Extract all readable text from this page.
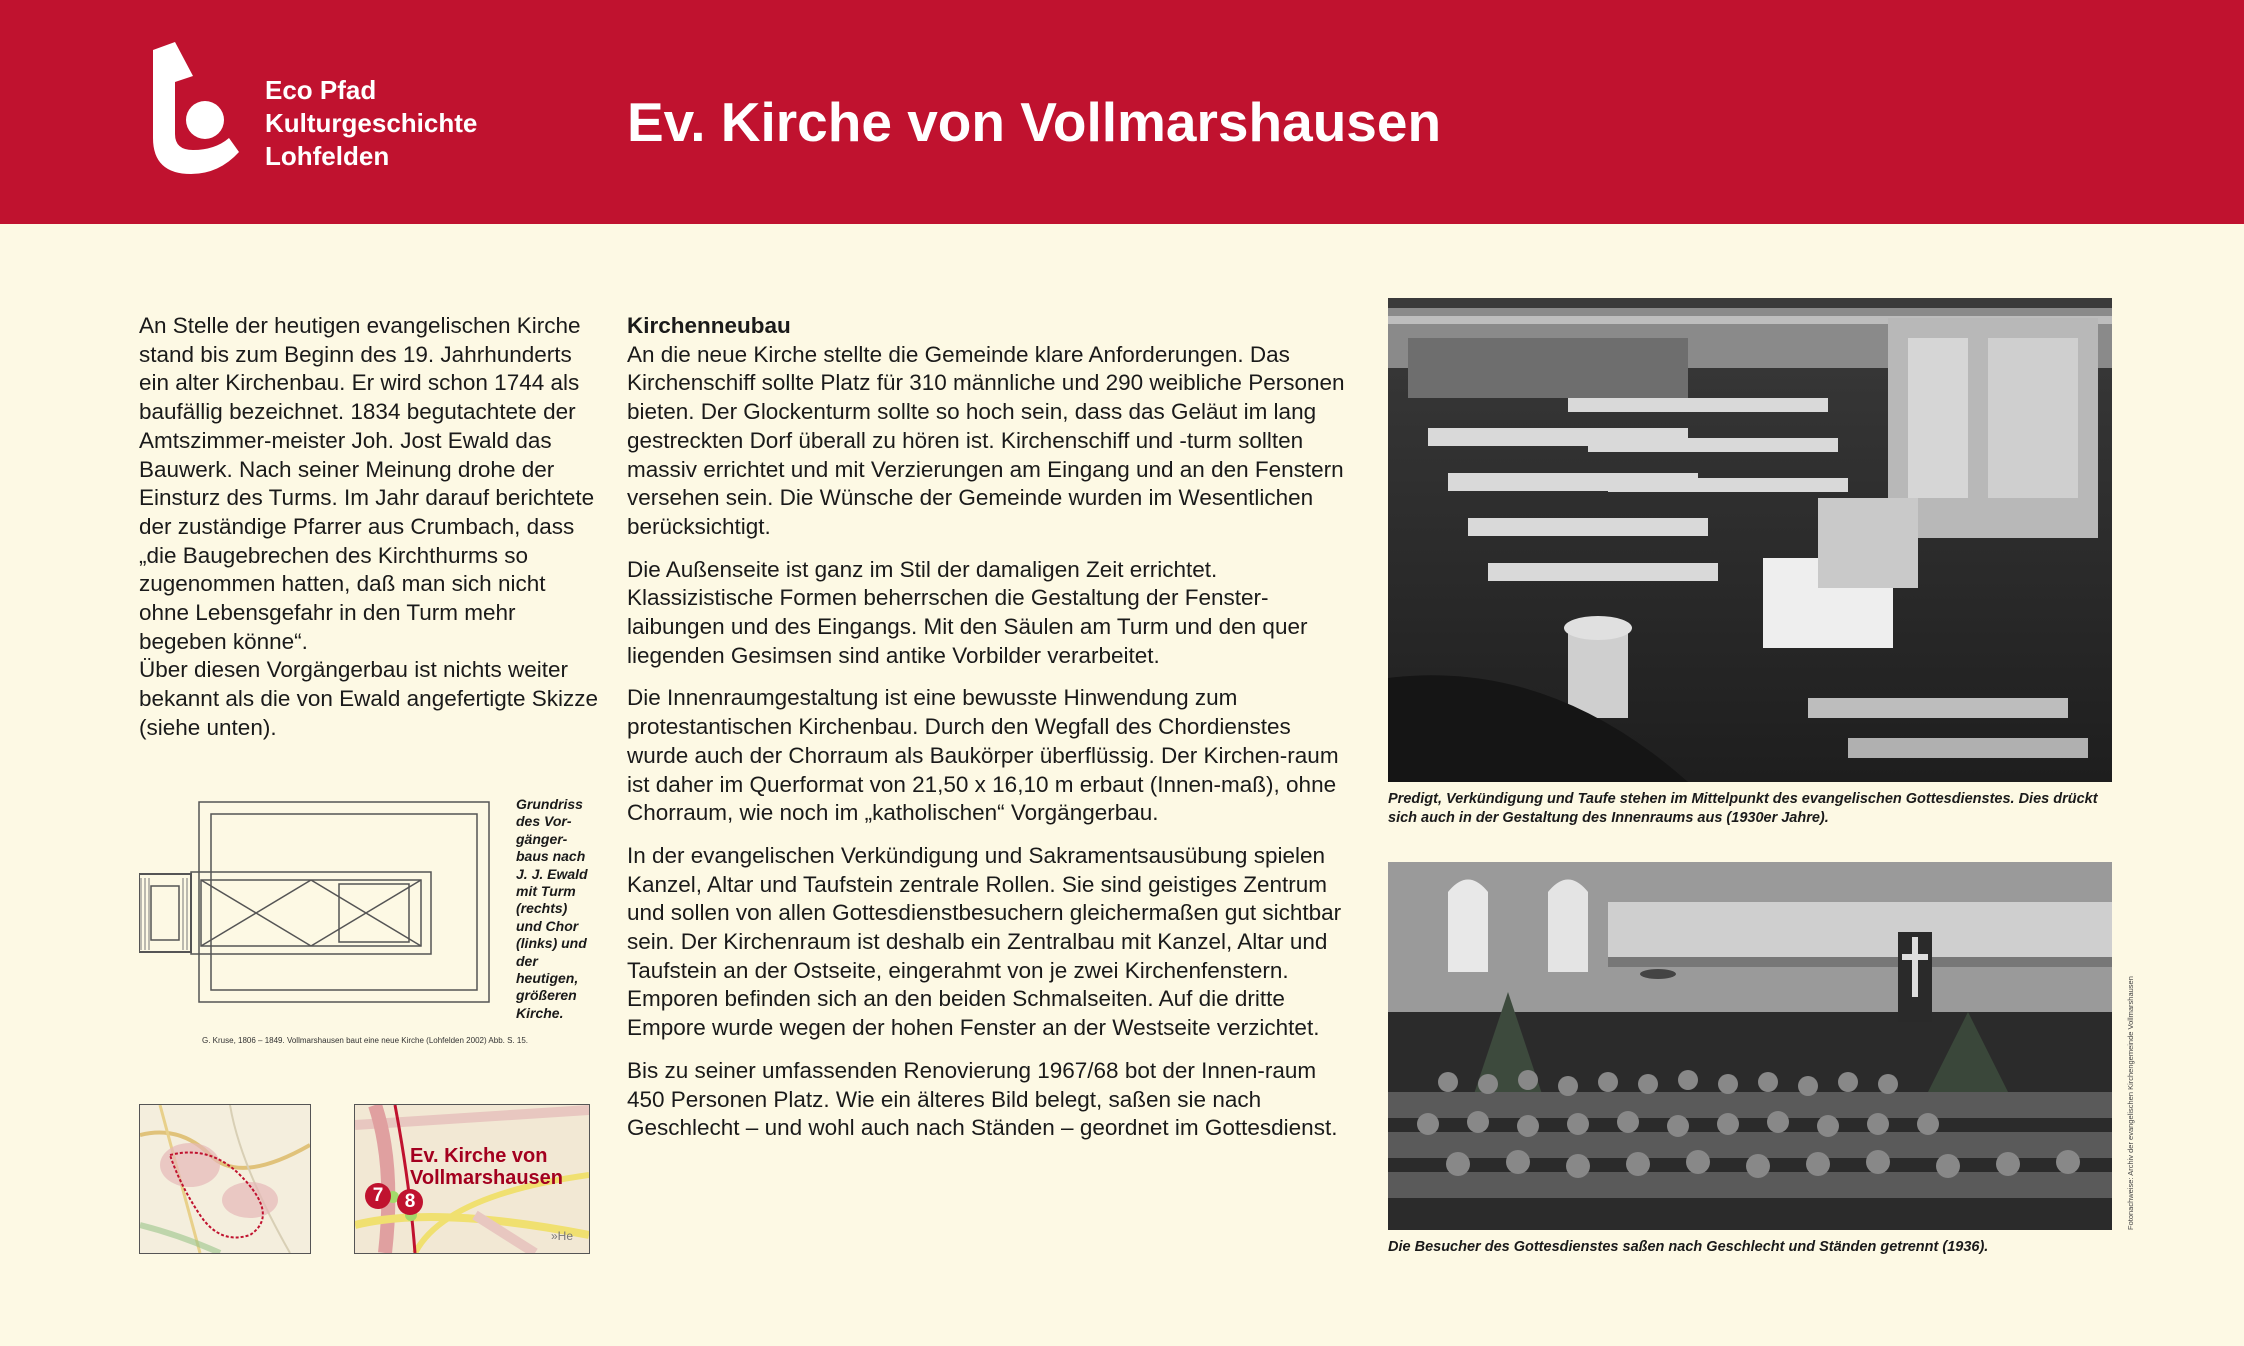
Eco Pfad
Kulturgeschichte
Lohfelden
Ev. Kirche von Vollmarshausen

An Stelle der heutigen evangelischen Kirche stand bis zum Beginn des 19. Jahrhunderts ein alter Kirchenbau. Er wird schon 1744 als baufällig bezeichnet. 1834 begutachtete der Amtszimmer-meister Joh. Jost Ewald das Bauwerk. Nach seiner Meinung drohe der Einsturz des Turms. Im Jahr darauf berichtete der zuständige Pfarrer aus Crumbach, dass „die Baugebrechen des Kirchthurms so zugenommen hatten, daß man sich nicht ohne Lebensgefahr in den Turm mehr begeben könne“.

Über diesen Vorgängerbau ist nichts weiter bekannt als die von Ewald angefertigte Skizze (siehe unten).

Grundriss des Vor-gänger-baus nach J. J. Ewald mit Turm (rechts) und Chor (links) und der heutigen, größeren Kirche.
G. Kruse, 1806 – 1849. Vollmarshausen baut eine neue Kirche (Lohfelden 2002) Abb. S. 15.
Ev. Kirche von Vollmarshausen
7	8
»He
Kirchenneubau

An die neue Kirche stellte die Gemeinde klare Anforderungen. Das Kirchenschiff sollte Platz für 310 männliche und 290 weibliche Personen bieten. Der Glockenturm sollte so hoch sein, dass das Geläut im lang gestreckten Dorf überall zu hören ist. Kirchenschiff und -turm sollten massiv errichtet und mit Verzierungen am Eingang und an den Fenstern versehen sein. Die Wünsche der Gemeinde wurden im Wesentlichen berücksichtigt.

Die Außenseite ist ganz im Stil der damaligen Zeit errichtet. Klassizistische Formen beherrschen die Gestaltung der Fenster-laibungen und des Eingangs. Mit den Säulen am Turm und den quer liegenden Gesimsen sind antike Vorbilder verarbeitet.

Die Innenraumgestaltung ist eine bewusste Hinwendung zum protestantischen Kirchenbau. Durch den Wegfall des Chordienstes wurde auch der Chorraum als Baukörper überflüssig. Der Kirchen-raum ist daher im Querformat von 21,50 x 16,10 m erbaut (Innen-maß), ohne Chorraum, wie noch im „katholischen“ Vorgängerbau.

In der evangelischen Verkündigung und Sakramentsausübung spielen Kanzel, Altar und Taufstein zentrale Rollen. Sie sind geistiges Zentrum und sollen von allen Gottesdienstbesuchern gleichermaßen gut sichtbar sein. Der Kirchenraum ist deshalb ein Zentralbau mit Kanzel, Altar und Taufstein an der Ostseite, eingerahmt von je zwei Kirchenfenstern. Emporen befinden sich an den beiden Schmalseiten. Auf die dritte Empore wurde wegen der hohen Fenster an der Westseite verzichtet.

Bis zu seiner umfassenden Renovierung 1967/68 bot der Innen-raum 450 Personen Platz. Wie ein älteres Bild belegt, saßen sie nach Geschlecht – und wohl auch nach Ständen – geordnet im Gottesdienst.

Predigt, Verkündigung und Taufe stehen im Mittelpunkt des evangelischen Gottesdienstes. Dies drückt sich auch in der Gestaltung des Innenraums aus (1930er Jahre).
Fotonachweise: Archiv der evangelischen Kirchengemeinde Vollmarshausen
Die Besucher des Gottesdienstes saßen nach Geschlecht und Ständen getrennt (1936).
